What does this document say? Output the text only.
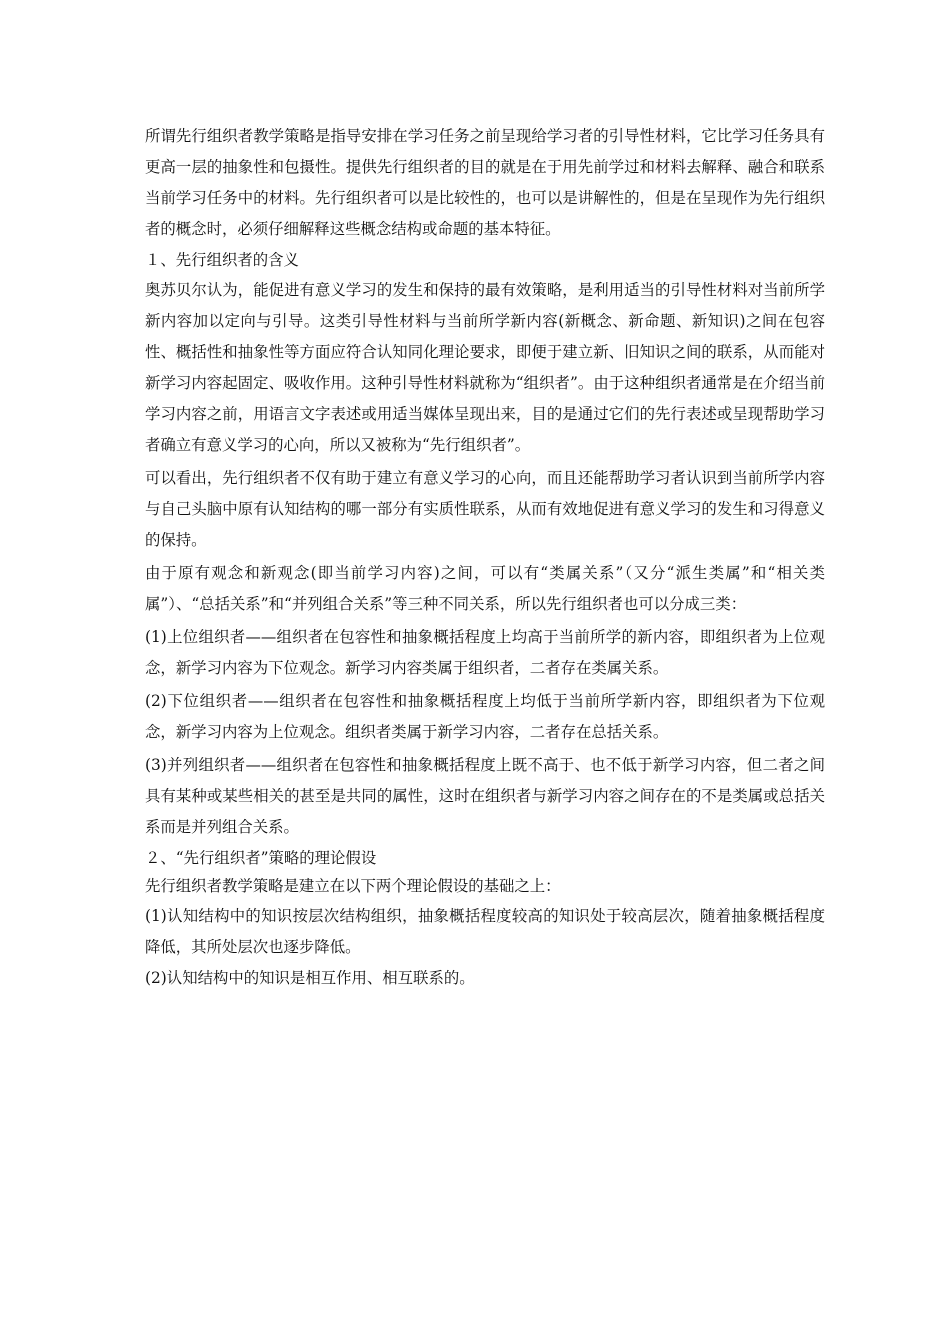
所谓先行组织者教学策略是指导安排在学习任务之前呈现给学习者的引导性材料，它比学习任务具有更高一层的抽象性和包摄性。提供先行组织者的目的就是在于用先前学过和材料去解释、融合和联系当前学习任务中的材料。先行组织者可以是比较性的，也可以是讲解性的，但是在呈现作为先行组织者的概念时，必须仔细解释这些概念结构或命题的基本特征。

１、先行组织者的含义

奥苏贝尔认为，能促进有意义学习的发生和保持的最有效策略，是利用适当的引导性材料对当前所学新内容加以定向与引导。这类引导性材料与当前所学新内容(新概念、新命题、新知识)之间在包容性、概括性和抽象性等方面应符合认知同化理论要求，即便于建立新、旧知识之间的联系，从而能对新学习内容起固定、吸收作用。这种引导性材料就称为“组织者”。由于这种组织者通常是在介绍当前学习内容之前，用语言文字表述或用适当媒体呈现出来，目的是通过它们的先行表述或呈现帮助学习者确立有意义学习的心向，所以又被称为“先行组织者”。

可以看出，先行组织者不仅有助于建立有意义学习的心向，而且还能帮助学习者认识到当前所学内容与自己头脑中原有认知结构的哪一部分有实质性联系，从而有效地促进有意义学习的发生和习得意义的保持。

由于原有观念和新观念(即当前学习内容)之间，可以有“类属关系”（又分“派生类属”和“相关类属”）、“总括关系”和“并列组合关系”等三种不同关系，所以先行组织者也可以分成三类：

(1)上位组织者——组织者在包容性和抽象概括程度上均高于当前所学的新内容，即组织者为上位观念，新学习内容为下位观念。新学习内容类属于组织者，二者存在类属关系。

(2)下位组织者——组织者在包容性和抽象概括程度上均低于当前所学新内容，即组织者为下位观念，新学习内容为上位观念。组织者类属于新学习内容，二者存在总括关系。

(3)并列组织者——组织者在包容性和抽象概括程度上既不高于、也不低于新学习内容，但二者之间具有某种或某些相关的甚至是共同的属性，这时在组织者与新学习内容之间存在的不是类属或总括关系而是并列组合关系。

２、“先行组织者”策略的理论假设

先行组织者教学策略是建立在以下两个理论假设的基础之上：

(1)认知结构中的知识按层次结构组织，抽象概括程度较高的知识处于较高层次，随着抽象概括程度降低，其所处层次也逐步降低。

(2)认知结构中的知识是相互作用、相互联系的。
